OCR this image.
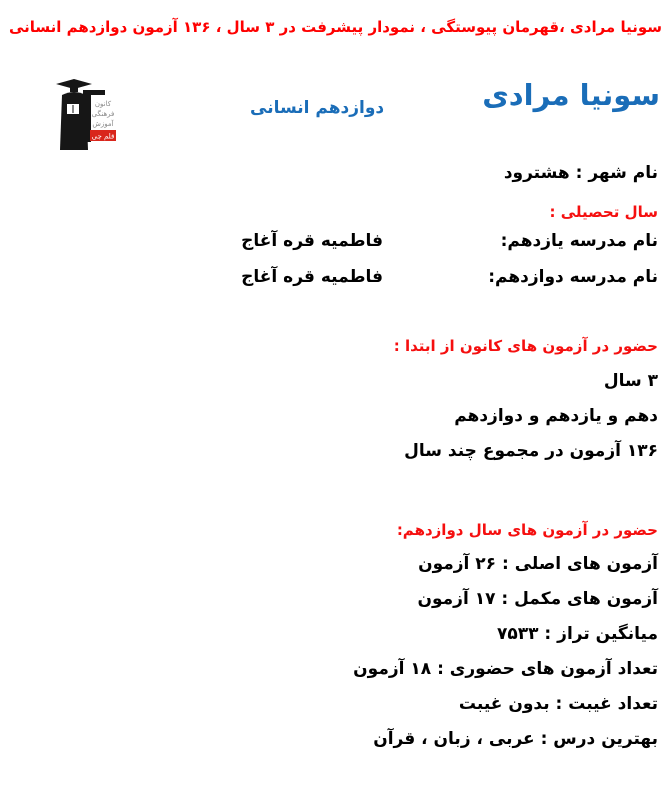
سونیا مرادی ،قهرمان پیوستگی ، نمودار پیشرفت در ۳ سال ، ۱۳۶ آزمون دوازدهم انسانی
کانون
فرهنگی
آموزش
قلم چی
دوازدهم انسانی	سونیا مرادی
نام شهر : هشترود
سال تحصیلی :
نام مدرسه یازدهم:
فاطمیه قره آغاج
نام مدرسه دوازدهم:
فاطمیه قره آغاج
حضور در آزمون های کانون از ابتدا :
۳ سال
دهم و یازدهم و دوازدهم
۱۳۶ آزمون در مجموع چند سال
حضور در آزمون های سال دوازدهم:
آزمون های اصلی : ۲۶ آزمون
آزمون های مکمل : ۱۷ آزمون
میانگین تراز : ۷۵۳۳
تعداد آزمون های حضوری : ۱۸ آزمون
تعداد غیبت : بدون غیبت
بهترین درس : عربی ، زبان ، قرآن
